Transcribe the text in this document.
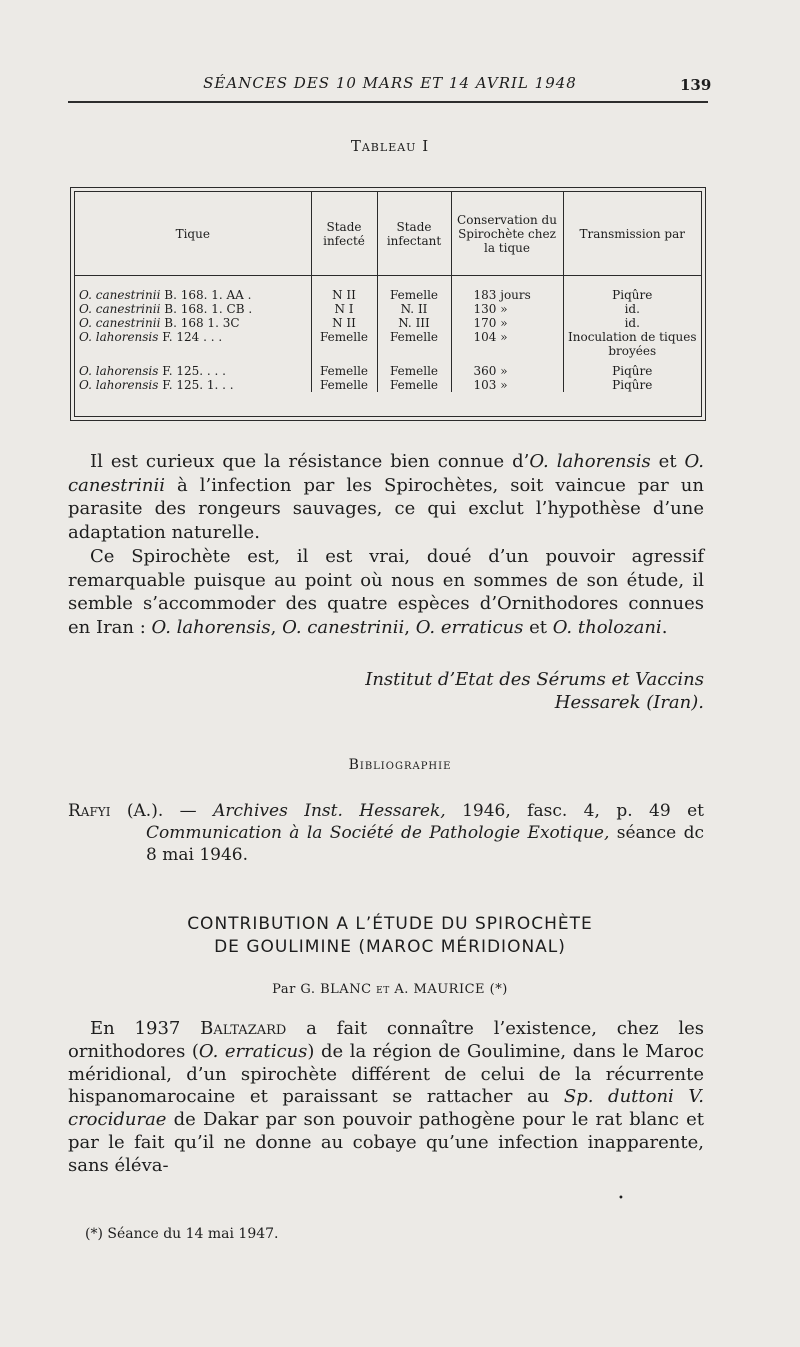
SÉANCES DES 10 MARS ET 14 AVRIL 1948	139
Tableau I
Tique	Stade infecté	Stade infectant	Conservation du Spirochète chez la tique	Transmission par
O. canestrinii B. 168. 1. AA .	N II	Femelle	183 jours	Piqûre
O. canestrinii B. 168. 1. CB .	N I	N. II	130 »	id.
O. canestrinii B. 168 1. 3C	N II	N. III	170 »	id.
O. lahorensis F. 124 . . .	Femelle	Femelle	104 »	Inoculation de tiques broyées
O. lahorensis F. 125. . . .	Femelle	Femelle	360 »	Piqûre
O. lahorensis F. 125. 1. . .	Femelle	Femelle	103 »	Piqûre
Il est curieux que la résistance bien connue d’O. lahorensis et O. canestrinii à l’infection par les Spirochètes, soit vaincue par un parasite des rongeurs sauvages, ce qui exclut l’hypothèse d’une adaptation naturelle.
Ce Spirochète est, il est vrai, doué d’un pouvoir agressif remarquable puisque au point où nous en sommes de son étude, il semble s’accommoder des quatre espèces d’Ornithodores connues en Iran : O. lahorensis, O. canestrinii, O. erraticus et O. tholozani.
Institut d’Etat des Sérums et Vaccins
Hessarek (Iran).
Bibliographie
Rafyi (A.). — Archives Inst. Hessarek, 1946, fasc. 4, p. 49 et Communication à la Société de Pathologie Exotique, séance dc 8 mai 1946.
CONTRIBUTION A L’ÉTUDE DU SPIROCHÈTE
DE GOULIMINE (MAROC MÉRIDIONAL)
Par G. BLANC et A. MAURICE (*)
En 1937 Baltazard a fait connaître l’existence, chez les ornithodores (O. erraticus) de la région de Goulimine, dans le Maroc méridional, d’un spirochète différent de celui de la récurrente hispanomarocaine et paraissant se rattacher au Sp. duttoni V. crocidurae de Dakar par son pouvoir pathogène pour le rat blanc et par le fait qu’il ne donne au cobaye qu’une infection inapparente, sans éléva-
•
(*) Séance du 14 mai 1947.
